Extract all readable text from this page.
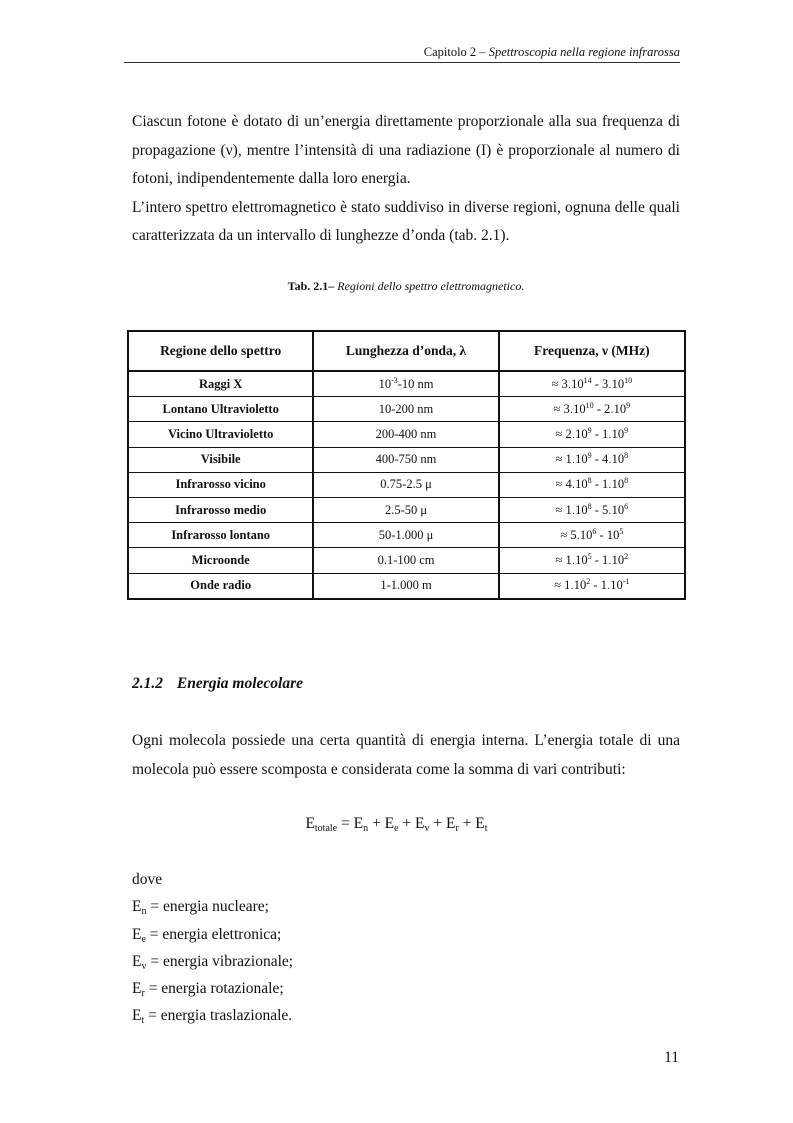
Capitolo 2 – Spettroscopia nella regione infrarossa

Ciascun fotone è dotato di un’energia direttamente proporzionale alla sua frequenza di propagazione (ν), mentre l’intensità di una radiazione (I) è proporzionale al numero di fotoni, indipendentemente dalla loro energia.

L’intero spettro elettromagnetico è stato suddiviso in diverse regioni, ognuna delle quali caratterizzata da un intervallo di lunghezze d’onda (tab. 2.1).

Tab. 2.1– Regioni dello spettro elettromagnetico.
Regione dello spettro	Lunghezza d’onda, λ	Frequenza, ν (MHz)
Raggi X	$10^{-3}-10$ nm	≈ $3_\cdot 10^{14} - 3_\cdot 10^{10}$
Lontano Ultravioletto	10-200 nm	≈ $3_\cdot 10^{10} - 2_\cdot 10^9$
Vicino Ultravioletto	200-400 nm	≈ $2_\cdot 10^9 - 1_\cdot 10^9$
Visibile	400-750 nm	≈ $1_\cdot 10^9 - 4_\cdot 10^8$
Infrarosso vicino	0.75-2.5 μ	≈ $4_\cdot 10^8 - 1_\cdot 10^8$
Infrarosso medio	2.5-50 μ	≈ $1_\cdot 10^8 - 5_\cdot 10^6$
Infrarosso lontano	50-1.000 μ	≈ $5_\cdot 10^6 - 10^5$
Microonde	0.1-100 cm	≈ $1_\cdot 10^5 - 1_\cdot 10^2$
Onde radio	1-1.000 m	≈ $1_\cdot 10^2 - 1_\cdot 10^{-1}$
2.1.2 Energia molecolare

Ogni molecola possiede una certa quantità di energia interna. L’energia totale di una molecola può essere scomposta e considerata come la somma di vari contributi:

$E_{totale} = E_n + E_e + E_v + E_r + E_t$
dove
$E_n$ = energia nucleare;
$E_e$ = energia elettronica;
$E_v$ = energia vibrazionale;
$E_r$ = energia rotazionale;
$E_t$ = energia traslazionale.
11
